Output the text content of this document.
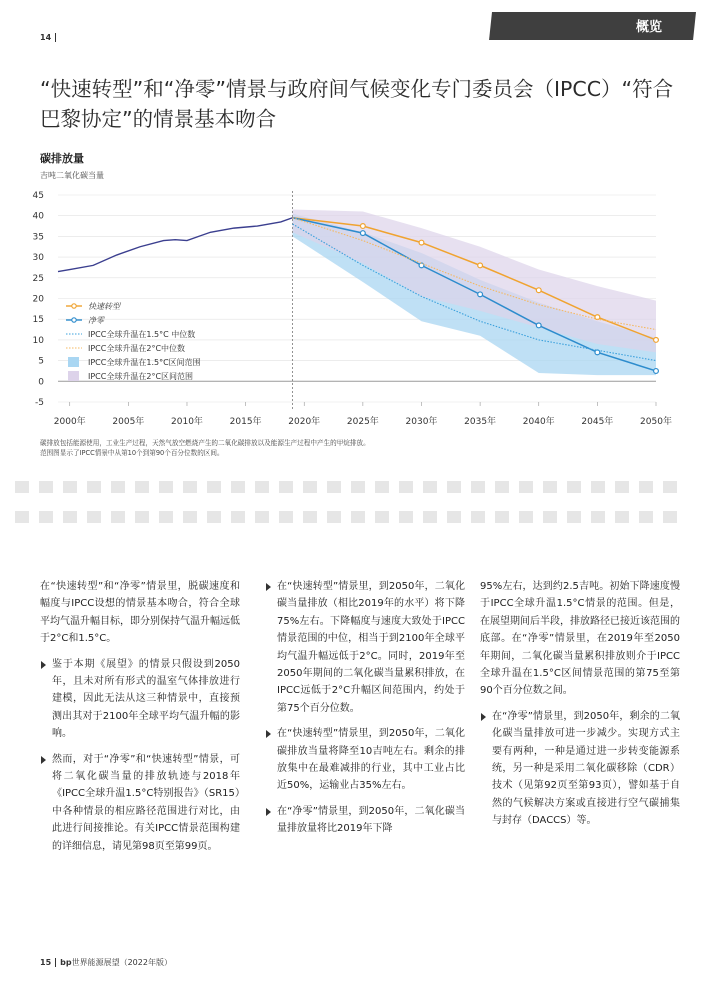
14
概览
“快速转型”和“净零”情景与政府间气候变化专门委员会（IPCC）“符合巴黎协定”的情景基本吻合
碳排放量
吉吨二氧化碳当量
-5
0
5
10
15
20
25
30
35
40
45
2000年	2005年	2010年	2015年	2020年	2025年	2030年	2035年	2040年	2045年	2050年
快速转型
净零
IPCC全球升温在1.5°C 中位数
IPCC全球升温在2°C中位数
IPCC全球升温在1.5°C区间范围
IPCC全球升温在2°C区间范围
碳排放包括能源使用，工业生产过程，天然气放空燃烧产生的二氧化碳排放以及能源生产过程中产生的甲烷排放。
范围图显示了IPCC情景中从第10个到第90个百分位数的区间。

在“快速转型”和“净零”情景里，脱碳速度和幅度与IPCC设想的情景基本吻合，符合全球平均气温升幅目标，即分别保持气温升幅远低于2°C和1.5°C。

鉴于本期《展望》的情景只假设到2050年，且未对所有形式的温室气体排放进行建模，因此无法从这三种情景中，直接预测出其对于2100年全球平均气温升幅的影响。

然而，对于“净零”和“快速转型”情景，可将二氧化碳当量的排放轨迹与2018年《IPCC全球升温1.5°C特别报告》（SR15）中各种情景的相应路径范围进行对比，由此进行间接推论。有关IPCC情景范围构建的详细信息，请见第98页至第99页。

在“快速转型”情景里，到2050年，二氧化碳当量排放（相比2019年的水平）将下降75%左右。下降幅度与速度大致处于IPCC情景范围的中位，相当于到2100年全球平均气温升幅远低于2°C。同时，2019年至2050年期间的二氧化碳当量累积排放，在IPCC远低于2°C升幅区间范围内，约处于第75个百分位数。

在“快速转型”情景里，到2050年，二氧化碳排放当量将降至10吉吨左右。剩余的排放集中在最难减排的行业，其中工业占比近50%，运输业占35%左右。

在“净零”情景里，到2050年，二氧化碳当量排放量将比2019年下降

95%左右，达到约2.5吉吨。初始下降速度慢于IPCC全球升温1.5°C情景的范围。但是，在展望期间后半段，排放路径已接近该范围的底部。在“净零”情景里，在2019年至2050年期间，二氧化碳当量累积排放则介于IPCC全球升温在1.5°C区间情景范围的第75至第90个百分位数之间。

在“净零”情景里，到2050年，剩余的二氧化碳当量排放可进一步减少。实现方式主要有两种，一种是通过进一步转变能源系统，另一种是采用二氧化碳移除（CDR）技术（见第92页至第93页），譬如基于自然的气候解决方案或直接进行空气碳捕集与封存（DACCS）等。

15 bp世界能源展望（2022年版）
